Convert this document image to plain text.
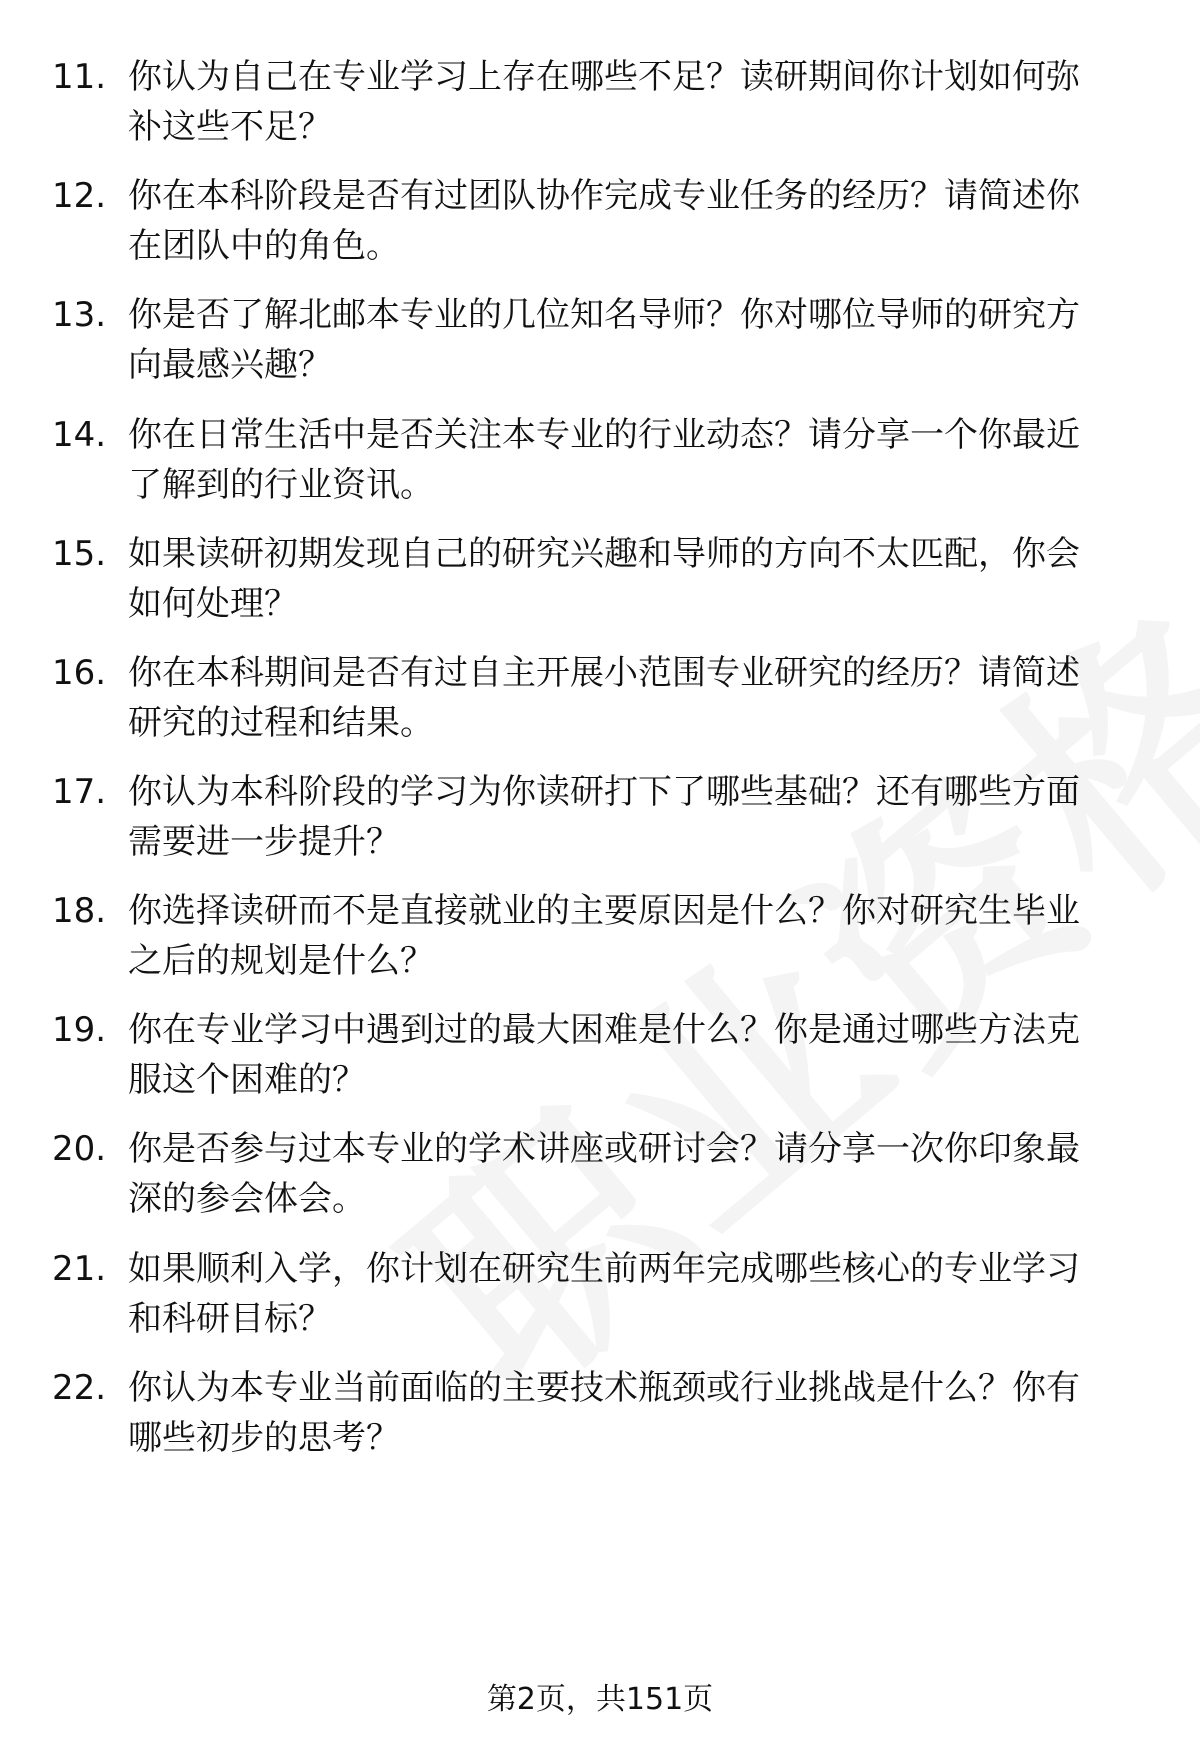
11. 你认为自己在专业学习上存在哪些不足？读研期间你计划如何弥
补这些不足？
12. 你在本科阶段是否有过团队协作完成专业任务的经历？请简述你
在团队中的角色。
13. 你是否了解北邮本专业的几位知名导师？你对哪位导师的研究方
向最感兴趣？
14. 你在日常生活中是否关注本专业的行业动态？请分享一个你最近
了解到的行业资讯。
15. 如果读研初期发现自己的研究兴趣和导师的方向不太匹配，你会
如何处理？
16. 你在本科期间是否有过自主开展小范围专业研究的经历？请简述
研究的过程和结果。
17. 你认为本科阶段的学习为你读研打下了哪些基础？还有哪些方面
需要进一步提升？
18. 你选择读研而不是直接就业的主要原因是什么？你对研究生毕业
之后的规划是什么？
19. 你在专业学习中遇到过的最大困难是什么？你是通过哪些方法克
服这个困难的？
20. 你是否参与过本专业的学术讲座或研讨会？请分享一次你印象最
深的参会体会。
21. 如果顺利入学，你计划在研究生前两年完成哪些核心的专业学习
和科研目标？
22. 你认为本专业当前面临的主要技术瓶颈或行业挑战是什么？你有
哪些初步的思考？
第2页，共151页
